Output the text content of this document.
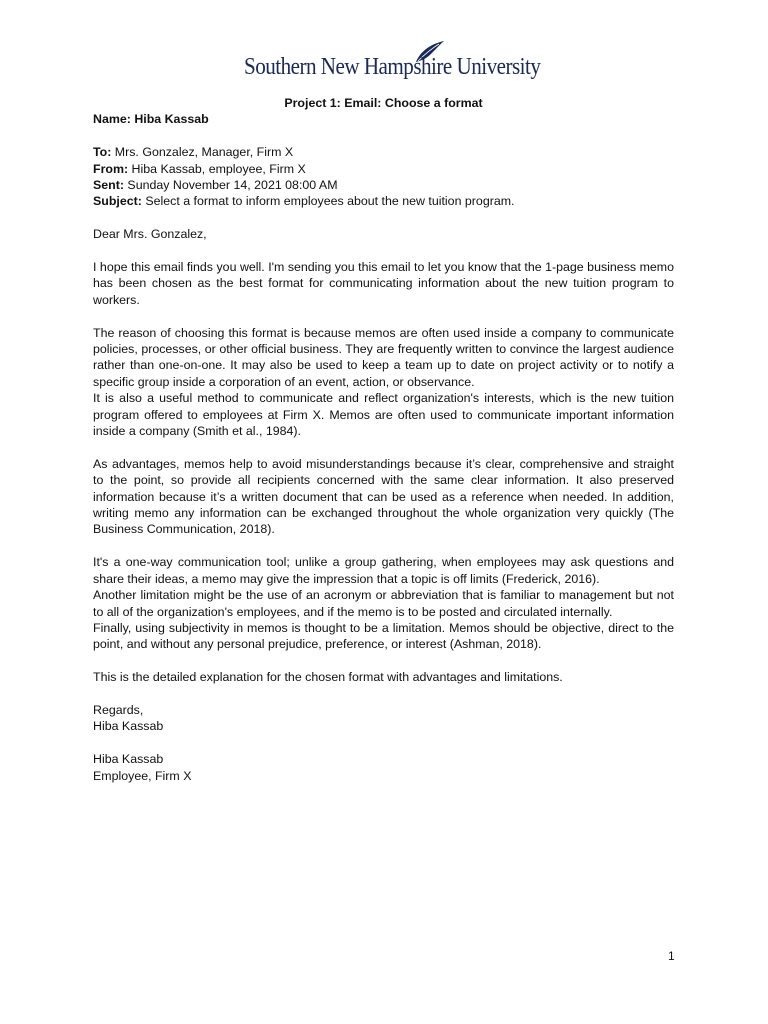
Southern New Hampshire University
Project 1: Email: Choose a format
Name: Hiba Kassab

To: Mrs. Gonzalez, Manager, Firm X

From: Hiba Kassab, employee, Firm X

Sent: Sunday November 14, 2021 08:00 AM

Subject: Select a format to inform employees about the new tuition program.

Dear Mrs. Gonzalez,

I hope this email finds you well. I'm sending you this email to let you know that the 1-page business memo has been chosen as the best format for communicating information about the new tuition program to workers.

The reason of choosing this format is because memos are often used inside a company to communicate policies, processes, or other official business. They are frequently written to convince the largest audience rather than one-on-one. It may also be used to keep a team up to date on project activity or to notify a specific group inside a corporation of an event, action, or observance.

It is also a useful method to communicate and reflect organization's interests, which is the new tuition program offered to employees at Firm X. Memos are often used to communicate important information inside a company (Smith et al., 1984).

As advantages, memos help to avoid misunderstandings because it’s clear, comprehensive and straight to the point, so provide all recipients concerned with the same clear information. It also preserved information because it’s a written document that can be used as a reference when needed. In addition, writing memo any information can be exchanged throughout the whole organization very quickly (The Business Communication, 2018).

It's a one-way communication tool; unlike a group gathering, when employees may ask questions and share their ideas, a memo may give the impression that a topic is off limits (Frederick, 2016).

Another limitation might be the use of an acronym or abbreviation that is familiar to management but not to all of the organization's employees, and if the memo is to be posted and circulated internally.

Finally, using subjectivity in memos is thought to be a limitation. Memos should be objective, direct to the point, and without any personal prejudice, preference, or interest (Ashman, 2018).

This is the detailed explanation for the chosen format with advantages and limitations.

Regards,

Hiba Kassab

Hiba Kassab

Employee, Firm X

1
